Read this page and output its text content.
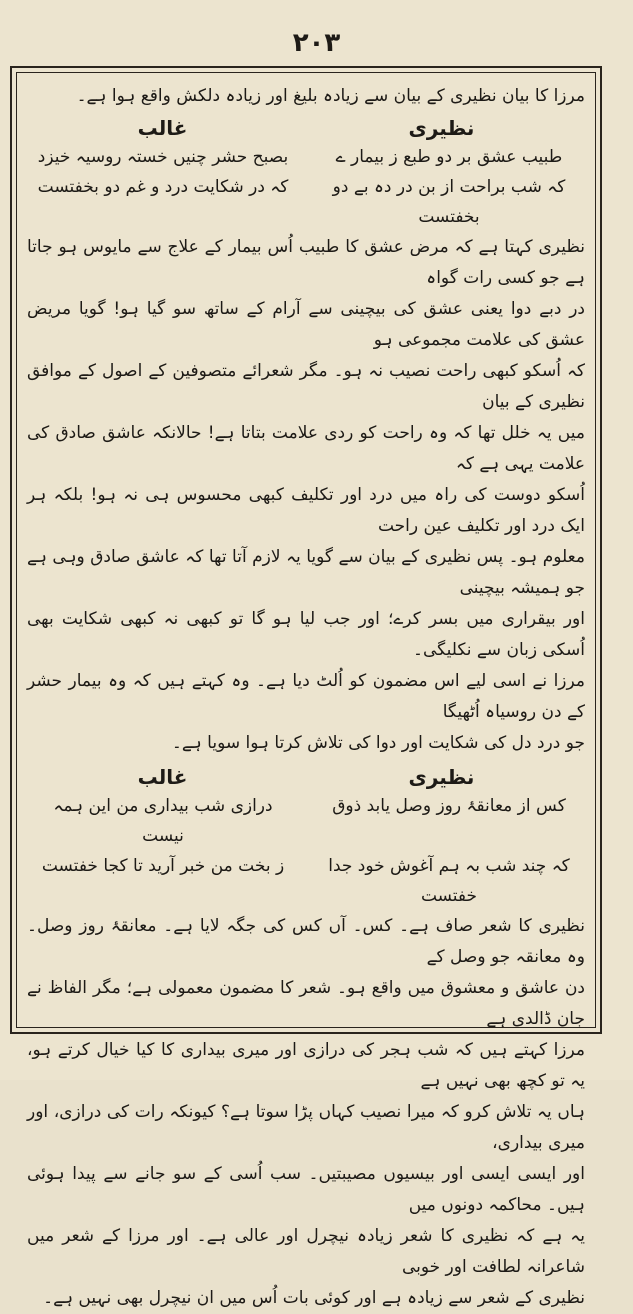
۲۰۳

مرزا کا بیان نظیری کے بیان سے زیادہ بلیغ اور زیادہ دلکش واقع ہوا ہے۔

نظیری
غالب
طبیب عشق بر دو طبع ز بیمار ے
بصبح حشر چنیں خستہ روسیہ خیزد
کہ شب براحت از بن در دہ بے دو بخفتست
کہ در شکایت درد و غم دو بخفتست

نظیری کہتا ہے کہ مرض عشق کا طبیب اُس بیمار کے علاج سے مایوس ہو جاتا ہے جو کسی رات گواہ

در دبے دوا یعنی عشق کی بیچینی سے آرام کے ساتھ سو گیا ہو! گویا مریض عشق کی علامت مجموعی ہو

کہ اُسکو کبھی راحت نصیب نہ ہو۔ مگر شعرائے متصوفین کے اصول کے موافق نظیری کے بیان

میں یہ خلل تھا کہ وہ راحت کو ردی علامت بتاتا ہے! حالانکہ عاشق صادق کی علامت یہی ہے کہ

اُسکو دوست کی راہ میں درد اور تکلیف کبھی محسوس ہی نہ ہو! بلکہ ہر ایک درد اور تکلیف عین راحت

معلوم ہو۔ پس نظیری کے بیان سے گویا یہ لازم آتا تھا کہ عاشق صادق وہی ہے جو ہمیشہ بیچینی

اور بیقراری میں بسر کرے؛ اور جب لیا ہو گا تو کبھی نہ کبھی شکایت بھی اُسکی زبان سے نکلیگی۔

مرزا نے اسی لیے اس مضمون کو اُلٹ دیا ہے۔ وہ کہتے ہیں کہ وہ بیمار حشر کے دن روسیاہ اُٹھیگا

جو درد دل کی شکایت اور دوا کی تلاش کرتا ہوا سویا ہے۔

نظیری
غالب
کس از معانقۂ روز وصل یابد ذوق
درازی شب بیداری من این ہمہ نیست
کہ چند شب بہ ہم آغوش خود جدا خفتست
ز بخت من خبر آرید تا کجا خفتست

نظیری کا شعر صاف ہے۔ کس۔ آں کس کی جگہ لایا ہے۔ معانقۂ روز وصل۔ وہ معانقہ جو وصل کے

دن عاشق و معشوق میں واقع ہو۔ شعر کا مضمون معمولی ہے؛ مگر الفاظ نے جان ڈالدی ہے

مرزا کہتے ہیں کہ شب ہجر کی درازی اور میری بیداری کا کیا خیال کرتے ہو، یہ تو کچھ بھی نہیں ہے

ہاں یہ تلاش کرو کہ میرا نصیب کہاں پڑا سوتا ہے؟ کیونکہ رات کی درازی، اور میری بیداری،

اور ایسی ایسی اور بیسیوں مصیبتیں۔ سب اُسی کے سو جانے سے پیدا ہوئی ہیں۔ محاکمہ دونوں میں

یہ ہے کہ نظیری کا شعر زیادہ نیچرل اور عالی ہے۔ اور مرزا کے شعر میں شاعرانہ لطافت اور خوبی

نظیری کے شعر سے زیادہ ہے اور کوئی بات اُس میں ان نیچرل بھی نہیں ہے۔
